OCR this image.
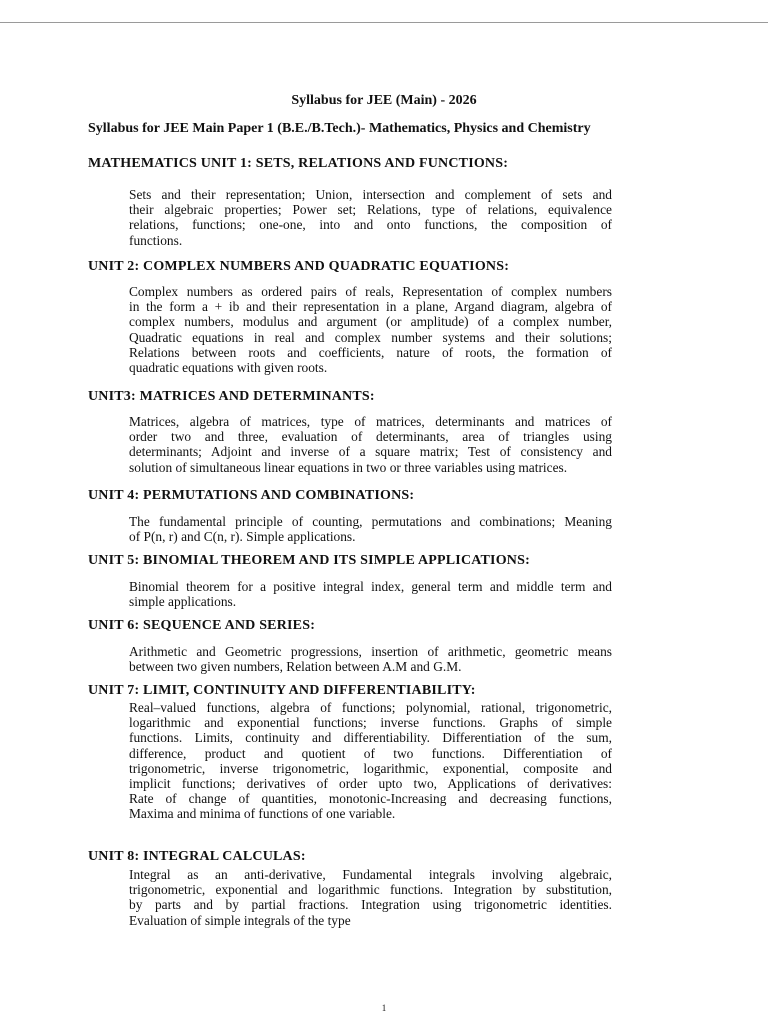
Syllabus for JEE (Main) - 2026
Syllabus for JEE Main Paper 1 (B.E./B.Tech.)- Mathematics, Physics and Chemistry
MATHEMATICS UNIT 1: SETS, RELATIONS AND FUNCTIONS:
Sets and their representation; Union, intersection and complement of sets and
their algebraic properties; Power set; Relations, type of relations, equivalence
relations, functions; one-one, into and onto functions, the composition of
functions.
UNIT 2: COMPLEX NUMBERS AND QUADRATIC EQUATIONS:
Complex numbers as ordered pairs of reals, Representation of complex numbers
in the form a + ib and their representation in a plane, Argand diagram, algebra of
complex numbers, modulus and argument (or amplitude) of a complex number,
Quadratic equations in real and complex number systems and their solutions;
Relations between roots and coefficients, nature of roots, the formation of
quadratic equations with given roots.
UNIT3: MATRICES AND DETERMINANTS:
Matrices, algebra of matrices, type of matrices, determinants and matrices of
order two and three, evaluation of determinants, area of triangles using
determinants; Adjoint and inverse of a square matrix; Test of consistency and
solution of simultaneous linear equations in two or three variables using matrices.
UNIT 4: PERMUTATIONS AND COMBINATIONS:
The fundamental principle of counting, permutations and combinations; Meaning
of P(n, r) and C(n, r). Simple applications.
UNIT 5: BINOMIAL THEOREM AND ITS SIMPLE APPLICATIONS:
Binomial theorem for a positive integral index, general term and middle term and
simple applications.
UNIT 6: SEQUENCE AND SERIES:
Arithmetic and Geometric progressions, insertion of arithmetic, geometric means
between two given numbers, Relation between A.M and G.M.
UNIT 7: LIMIT, CONTINUITY AND DIFFERENTIABILITY:
Real–valued functions, algebra of functions; polynomial, rational, trigonometric,
logarithmic and exponential functions; inverse functions. Graphs of simple
functions. Limits, continuity and differentiability. Differentiation of the sum,
difference, product and quotient of two functions. Differentiation of
trigonometric, inverse trigonometric, logarithmic, exponential, composite and
implicit functions; derivatives of order upto two, Applications of derivatives:
Rate of change of quantities, monotonic-Increasing and decreasing functions,
Maxima and minima of functions of one variable.
UNIT 8: INTEGRAL CALCULAS:
Integral as an anti-derivative, Fundamental integrals involving algebraic,
trigonometric, exponential and logarithmic functions. Integration by substitution,
by parts and by partial fractions. Integration using trigonometric identities.
Evaluation of simple integrals of the type
1
